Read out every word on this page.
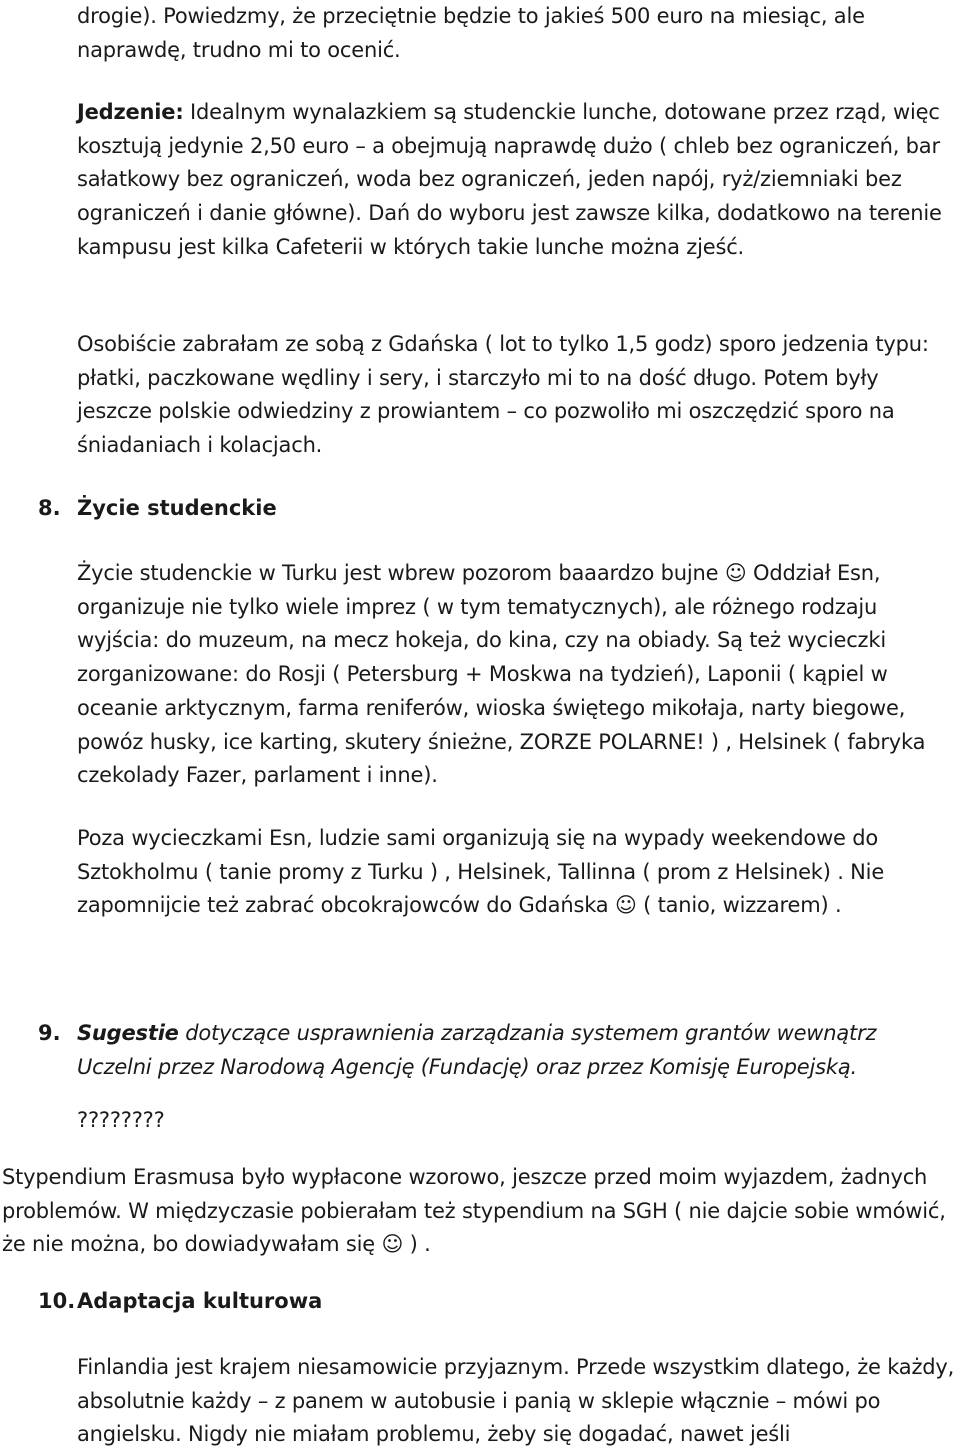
drogie). Powiedzmy, że przeciętnie będzie to jakieś 500 euro na miesiąc, ale naprawdę, trudno mi to ocenić.

Jedzenie: Idealnym wynalazkiem są studenckie lunche, dotowane przez rząd, więc kosztują jedynie 2,50 euro – a obejmują naprawdę dużo ( chleb bez ograniczeń, bar sałatkowy bez ograniczeń, woda bez ograniczeń, jeden napój, ryż/ziemniaki bez ograniczeń i danie główne). Dań do wyboru jest zawsze kilka, dodatkowo na terenie kampusu jest kilka Cafeterii w których takie lunche można zjeść.

Osobiście zabrałam ze sobą z Gdańska ( lot to tylko 1,5 godz) sporo jedzenia typu: płatki, paczkowane wędliny i sery, i starczyło mi to na dość długo. Potem były jeszcze polskie odwiedziny z prowiantem – co pozwoliło mi oszczędzić sporo na śniadaniach i kolacjach.

8. Życie studenckie

Życie studenckie w Turku jest wbrew pozorom baaardzo bujne ☺ Oddział Esn, organizuje nie tylko wiele imprez ( w tym tematycznych), ale różnego rodzaju wyjścia: do muzeum, na mecz hokeja, do kina, czy na obiady. Są też wycieczki zorganizowane: do Rosji ( Petersburg + Moskwa na tydzień), Laponii ( kąpiel w oceanie arktycznym, farma reniferów, wioska świętego mikołaja, narty biegowe, powóz husky, ice karting, skutery śnieżne, ZORZE POLARNE! ) , Helsinek ( fabryka czekolady Fazer, parlament i inne).

Poza wycieczkami Esn, ludzie sami organizują się na wypady weekendowe do Sztokholmu ( tanie promy z Turku ) , Helsinek, Tallinna ( prom z Helsinek) . Nie zapomnijcie też zabrać obcokrajowców do Gdańska ☺ ( tanio, wizzarem) .

9. Sugestie dotyczące usprawnienia zarządzania systemem grantów wewnątrz Uczelni przez Narodową Agencję (Fundację) oraz przez Komisję Europejską.

????????

Stypendium Erasmusa było wypłacone wzorowo, jeszcze przed moim wyjazdem, żadnych problemów. W międzyczasie pobierałam też stypendium na SGH ( nie dajcie sobie wmówić, że nie można, bo dowiadywałam się ☺ ) .

10. Adaptacja kulturowa

Finlandia jest krajem niesamowicie przyjaznym. Przede wszystkim dlatego, że każdy, absolutnie każdy – z panem w autobusie i panią w sklepie włącznie – mówi po angielsku. Nigdy nie miałam problemu, żeby się dogadać, nawet jeśli
